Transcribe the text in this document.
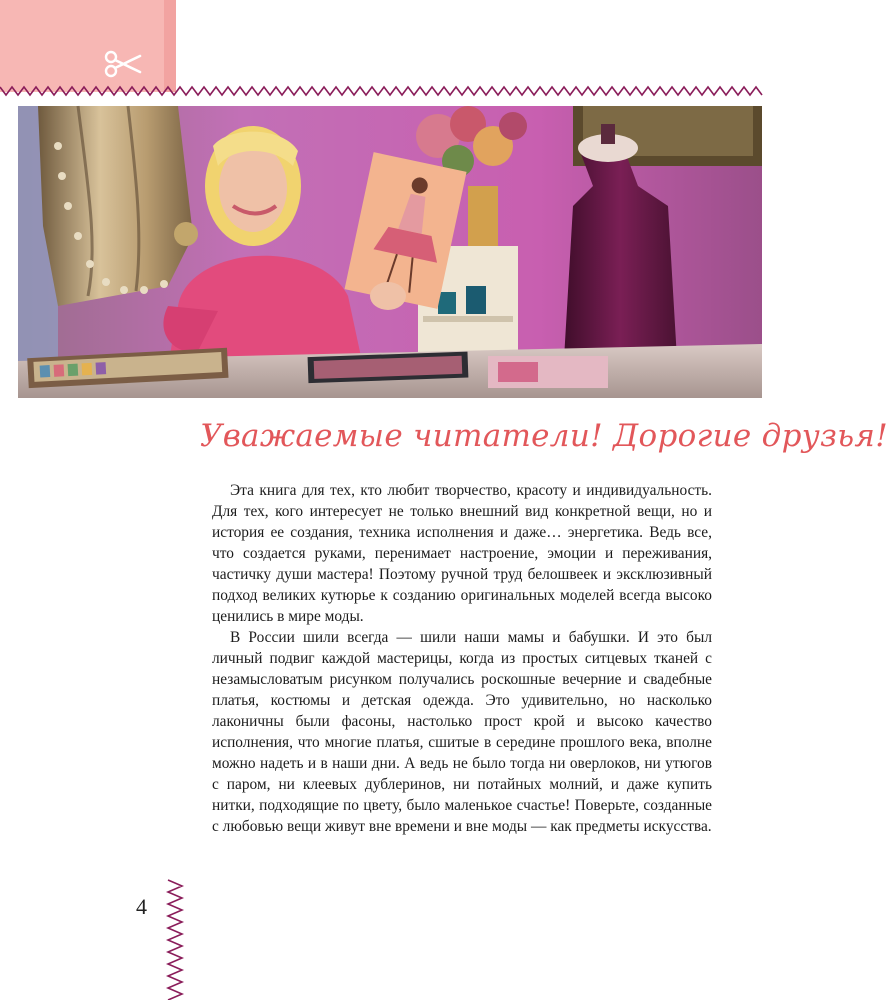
Уважаемые читатели! Дорогие друзья!

Эта книга для тех, кто любит творчество, красоту и индивидуальность. Для тех, кого интересует не только внешний вид конкретной вещи, но и история ее создания, техника исполнения и даже… энергетика. Ведь все, что создается руками, перенимает настроение, эмоции и переживания, частичку души мастера! Поэтому ручной труд белошвеек и эксклюзивный подход великих кутюрье к созданию оригинальных моделей всегда высоко ценились в мире моды.

В России шили всегда — шили наши мамы и бабушки. И это был личный подвиг каждой мастерицы, когда из простых ситцевых тканей с незамысловатым рисунком получались роскошные вечерние и свадебные платья, костюмы и детская одежда. Это удивительно, но насколько лаконичны были фасоны, настолько прост крой и высоко качество исполнения, что многие платья, сшитые в середине прошлого века, вполне можно надеть и в наши дни. А ведь не было тогда ни оверлоков, ни утюгов с паром, ни клеевых дублеринов, ни потайных молний, и даже купить нитки, подходящие по цвету, было маленькое счастье! Поверьте, созданные с любовью вещи живут вне времени и вне моды — как предметы искусства.

4
